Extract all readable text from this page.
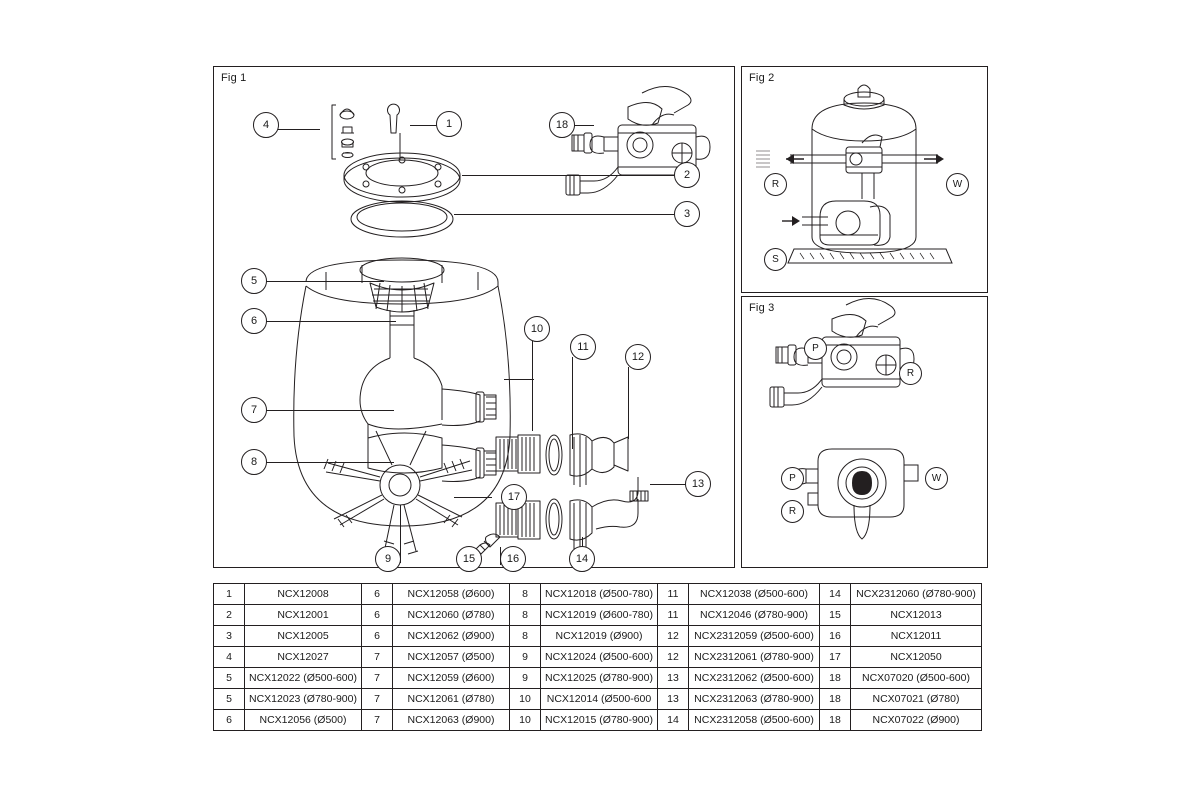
Fig 1
4	1
2
3
5
6
7
8
9
10
11
12
13
14
15	16
17
18
Fig 2
R	W
S
Fig 3
P
R
P
R
W
1	NCX12008	6	NCX12058 (Ø600)	8	NCX12018 (Ø500-780)	11	NCX12038 (Ø500-600)	14	NCX2312060 (Ø780-900)
2	NCX12001	6	NCX12060 (Ø780)	8	NCX12019 (Ø600-780)	11	NCX12046 (Ø780-900)	15	NCX12013
3	NCX12005	6	NCX12062 (Ø900)	8	NCX12019 (Ø900)	12	NCX2312059 (Ø500-600)	16	NCX12011
4	NCX12027	7	NCX12057 (Ø500)	9	NCX12024 (Ø500-600)	12	NCX2312061 (Ø780-900)	17	NCX12050
5	NCX12022 (Ø500-600)	7	NCX12059 (Ø600)	9	NCX12025 (Ø780-900)	13	NCX2312062 (Ø500-600)	18	NCX07020 (Ø500-600)
5	NCX12023 (Ø780-900)	7	NCX12061 (Ø780)	10	NCX12014 (Ø500-600	13	NCX2312063 (Ø780-900)	18	NCX07021 (Ø780)
6	NCX12056 (Ø500)	7	NCX12063 (Ø900)	10	NCX12015 (Ø780-900)	14	NCX2312058 (Ø500-600)	18	NCX07022 (Ø900)
